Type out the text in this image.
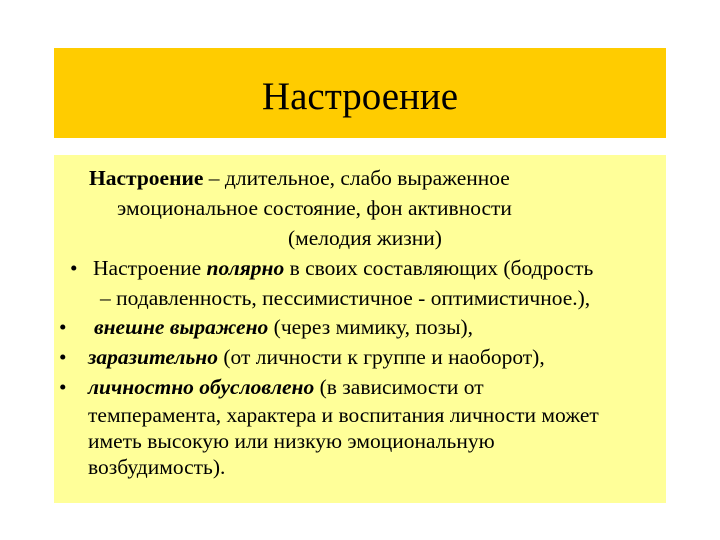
Настроение
Настроение – длительное, слабо выраженное
эмоциональное состояние, фон активности
(мелодия жизни)
• Настроение полярно в своих составляющих (бодрость
– подавленность, пессимистичное - оптимистичное.),
• внешне выражено (через мимику, позы),
• заразительно (от личности к группе и наоборот),
• личностно обусловлено (в зависимости от
темперамента, характера и воспитания личности может
иметь высокую или низкую эмоциональную
возбудимость).
